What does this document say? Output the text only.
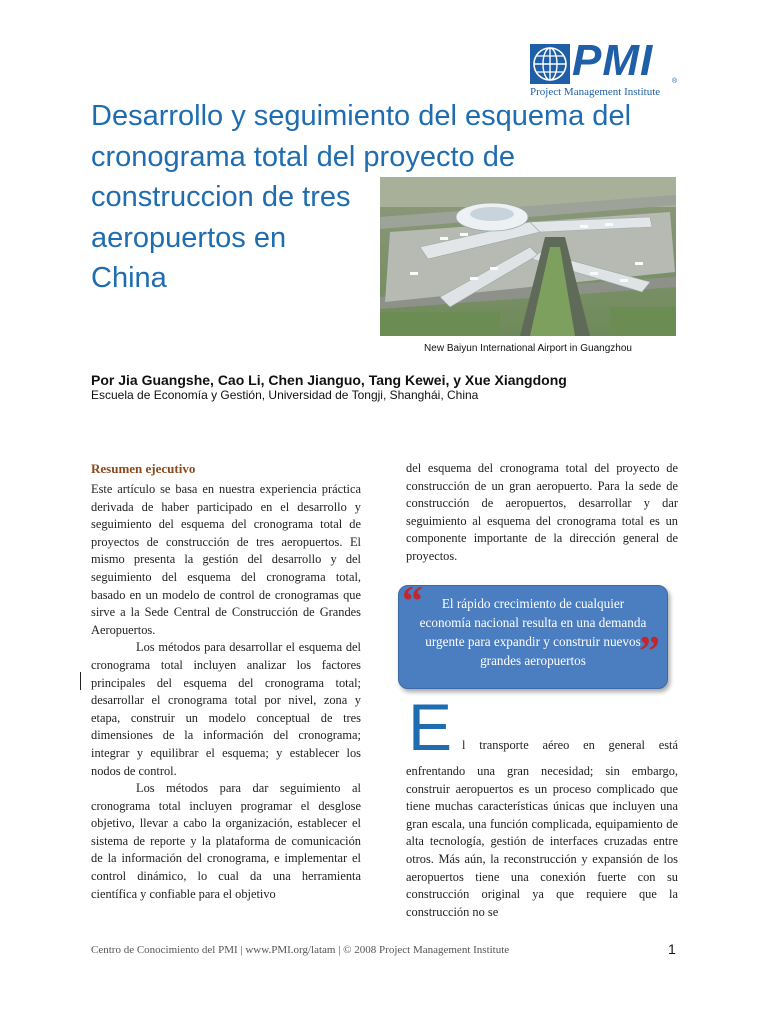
PMI	®
Project Management Institute
Desarrollo y seguimiento del esquema del
cronograma total del proyecto de
construccion de tres
aeropuertos en
China
New Baiyun International Airport in Guangzhou
Por Jia Guangshe, Cao Li, Chen Jianguo, Tang Kewei, y Xue Xiangdong
Escuela de Economía y Gestión, Universidad de Tongji, Shanghái, China
Resumen ejecutivo

Este artículo se basa en nuestra experiencia práctica derivada de haber participado en el desarrollo y seguimiento del esquema del cronograma total de proyectos de construcción de tres aeropuertos. El mismo presenta la gestión del desarrollo y del seguimiento del esquema del cronograma total, basado en un modelo de control de cronogramas que sirve a la Sede Central de Construcción de Grandes Aeropuertos.

Los métodos para desarrollar el esquema del cronograma total incluyen analizar los factores principales del esquema del cronograma total; desarrollar el cronograma total por nivel, zona y etapa, construir un modelo conceptual de tres dimensiones de la información del cronograma; integrar y equilibrar el esquema; y establecer los nodos de control.

Los métodos para dar seguimiento al cronograma total incluyen programar el desglose objetivo, llevar a cabo la organización, establecer el sistema de reporte y la plataforma de comunicación de la información del cronograma, e implementar el control dinámico, lo cual da una herramienta científica y confiable para el objetivo

del esquema del cronograma total del proyecto de construcción de un gran aeropuerto. Para la sede de construcción de aeropuertos, desarrollar y dar seguimiento al esquema del cronograma total es un componente importante de la dirección general de proyectos.

“	El rápido crecimiento de cualquier economía nacional resulta en una demanda urgente para expandir y construir nuevos grandes aeropuertos	”
E l transporte aéreo en general está

enfrentando una gran necesidad; sin embargo, construir aeropuertos es un proceso complicado que tiene muchas características únicas que incluyen una gran escala, una función complicada, equipamiento de alta tecnología, gestión de interfaces cruzadas entre otros. Más aún, la reconstrucción y expansión de los aeropuertos tiene una conexión fuerte con su construcción original ya que requiere que la construcción no se

Centro de Conocimiento del PMI | www.PMI.org/latam | © 2008 Project Management Institute	1
